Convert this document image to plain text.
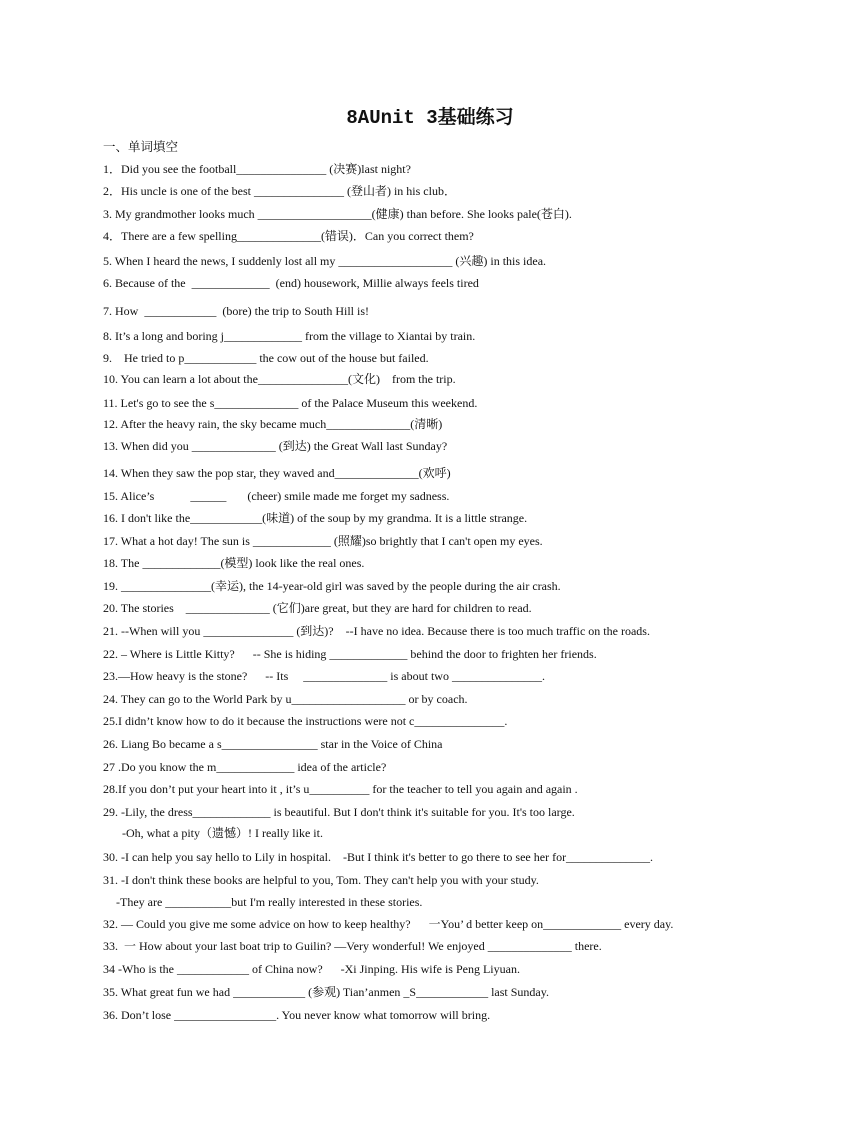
8AUnit 3基础练习
一、单词填空
1．Did you see the football_______________ (决赛)last night?
2．His uncle is one of the best _______________ (登山者) in his club．
3. My grandmother looks much ___________________(健康) than before. She looks pale(苍白).
4．There are a few spelling______________(错误)．Can you correct them?
5. When I heard the news, I suddenly lost all my ___________________ (兴趣) in this idea.
6. Because of the  _____________  (end) housework, Millie always feels tired
7. How  ____________  (bore) the trip to South Hill is!
8. It’s a long and boring j_____________ from the village to Xiantai by train.
9.    He tried to p____________ the cow out of the house but failed.
10. You can learn a lot about the_______________(文化)    from the trip.
11. Let's go to see the s______________ of the Palace Museum this weekend.
12. After the heavy rain, the sky became much______________(清晰)
13. When did you ______________ (到达) the Great Wall last Sunday?
14. When they saw the pop star, they waved and______________(欢呼)
15. Alice’s            ______       (cheer) smile made me forget my sadness.
16. I don't like the____________(味道) of the soup by my grandma. It is a little strange.
17. What a hot day! The sun is _____________ (照耀)so brightly that I can't open my eyes.
18. The _____________(模型) look like the real ones.
19. _______________(幸运), the 14-year-old girl was saved by the people during the air crash.
20. The stories    ______________ (它们)are great, but they are hard for children to read.
21. --When will you _______________ (到达)?    --I have no idea. Because there is too much traffic on the roads.
22. – Where is Little Kitty?      -- She is hiding _____________ behind the door to frighten her friends.
23.—How heavy is the stone?      -- Its     ______________ is about two _______________.
24. They can go to the World Park by u___________________ or by coach.
25.I didn’t know how to do it because the instructions were not c_______________.
26. Liang Bo became a s________________ star in the Voice of China
27 .Do you know the m_____________ idea of the article?
28.If you don’t put your heart into it , it’s u__________ for the teacher to tell you again and again .
29. -Lily, the dress_____________ is beautiful. But I don't think it's suitable for you. It's too large.
-Oh, what a pity（遗憾）! I really like it.
30. -I can help you say hello to Lily in hospital.    -But I think it's better to go there to see her for______________.
31. -I don't think these books are helpful to you, Tom. They can't help you with your study.
-They are ___________but I'm really interested in these stories.
32. — Could you give me some advice on how to keep healthy?      一You’ d better keep on_____________ every day.
33.  一 How about your last boat trip to Guilin? —Very wonderful! We enjoyed ______________ there.
34 -Who is the ____________ of China now?      -Xi Jinping. His wife is Peng Liyuan.
35. What great fun we had ____________ (参观) Tian’anmen _S____________ last Sunday.
36. Don’t lose _________________. You never know what tomorrow will bring.
